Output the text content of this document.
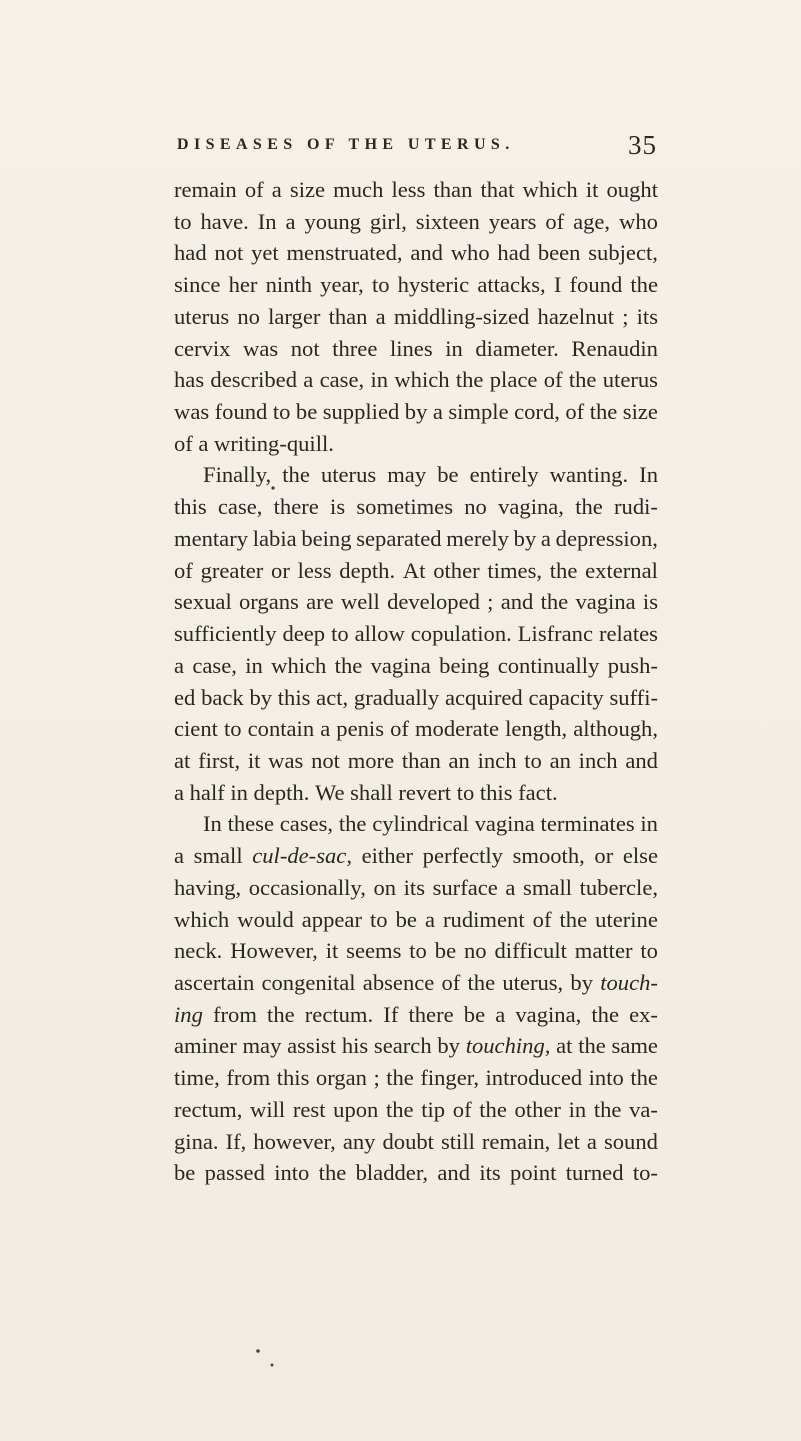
DISEASES OF THE UTERUS.	35
remain of a size much less than that which it ought
to have. In a young girl, sixteen years of age, who
had not yet menstruated, and who had been subject,
since her ninth year, to hysteric attacks, I found the
uterus no larger than a middling-sized hazelnut ; its
cervix was not three lines in diameter. Renaudin
has described a case, in which the place of the uterus
was found to be supplied by a simple cord, of the size
of a writing-quill.
Finally, the uterus may be entirely wanting. In
this case, there is sometimes no vagina, the rudi-
mentary labia being separated merely by a depression,
of greater or less depth. At other times, the external
sexual organs are well developed ; and the vagina is
sufficiently deep to allow copulation. Lisfranc relates
a case, in which the vagina being continually push-
ed back by this act, gradually acquired capacity suffi-
cient to contain a penis of moderate length, although,
at first, it was not more than an inch to an inch and
a half in depth. We shall revert to this fact.
In these cases, the cylindrical vagina terminates in
a small cul-de-sac, either perfectly smooth, or else
having, occasionally, on its surface a small tubercle,
which would appear to be a rudiment of the uterine
neck. However, it seems to be no difficult matter to
ascertain congenital absence of the uterus, by touch-
ing from the rectum. If there be a vagina, the ex-
aminer may assist his search by touching, at the same
time, from this organ ; the finger, introduced into the
rectum, will rest upon the tip of the other in the va-
gina. If, however, any doubt still remain, let a sound
be passed into the bladder, and its point turned to-
